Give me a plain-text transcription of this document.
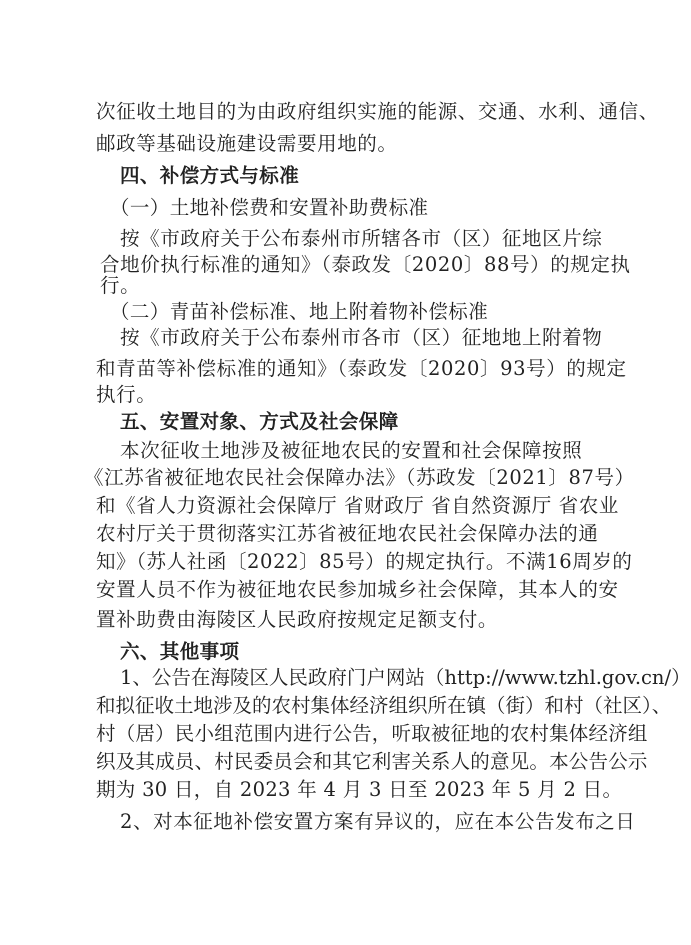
次征收土地目的为由政府组织实施的能源、交通、水利、通信、
邮政等基础设施建设需要用地的。
四、补偿方式与标准
（一）土地补偿费和安置补助费标准
按《市政府关于公布泰州市所辖各市（区）征地区片综
合地价执行标准的通知》（泰政发〔2020〕88号）的规定执
行。
（二）青苗补偿标准、地上附着物补偿标准
按《市政府关于公布泰州市各市（区）征地地上附着物
和青苗等补偿标准的通知》（泰政发〔2020〕93号）的规定
执行。
五、安置对象、方式及社会保障
本次征收土地涉及被征地农民的安置和社会保障按照
《江苏省被征地农民社会保障办法》（苏政发〔2021〕87号）
和《省人力资源社会保障厅 省财政厅 省自然资源厅 省农业
农村厅关于贯彻落实江苏省被征地农民社会保障办法的通
知》（苏人社函〔2022〕85号）的规定执行。不满16周岁的
安置人员不作为被征地农民参加城乡社会保障，其本人的安
置补助费由海陵区人民政府按规定足额支付。
六、其他事项
1、公告在海陵区人民政府门户网站（http://www.tzhl.gov.cn/）
和拟征收土地涉及的农村集体经济组织所在镇（街）和村（社区）、
村（居）民小组范围内进行公告，听取被征地的农村集体经济组
织及其成员、村民委员会和其它利害关系人的意见。本公告公示
期为 30 日，自 2023 年 4 月 3 日至 2023 年 5 月 2 日。
2、对本征地补偿安置方案有异议的，应在本公告发布之日
